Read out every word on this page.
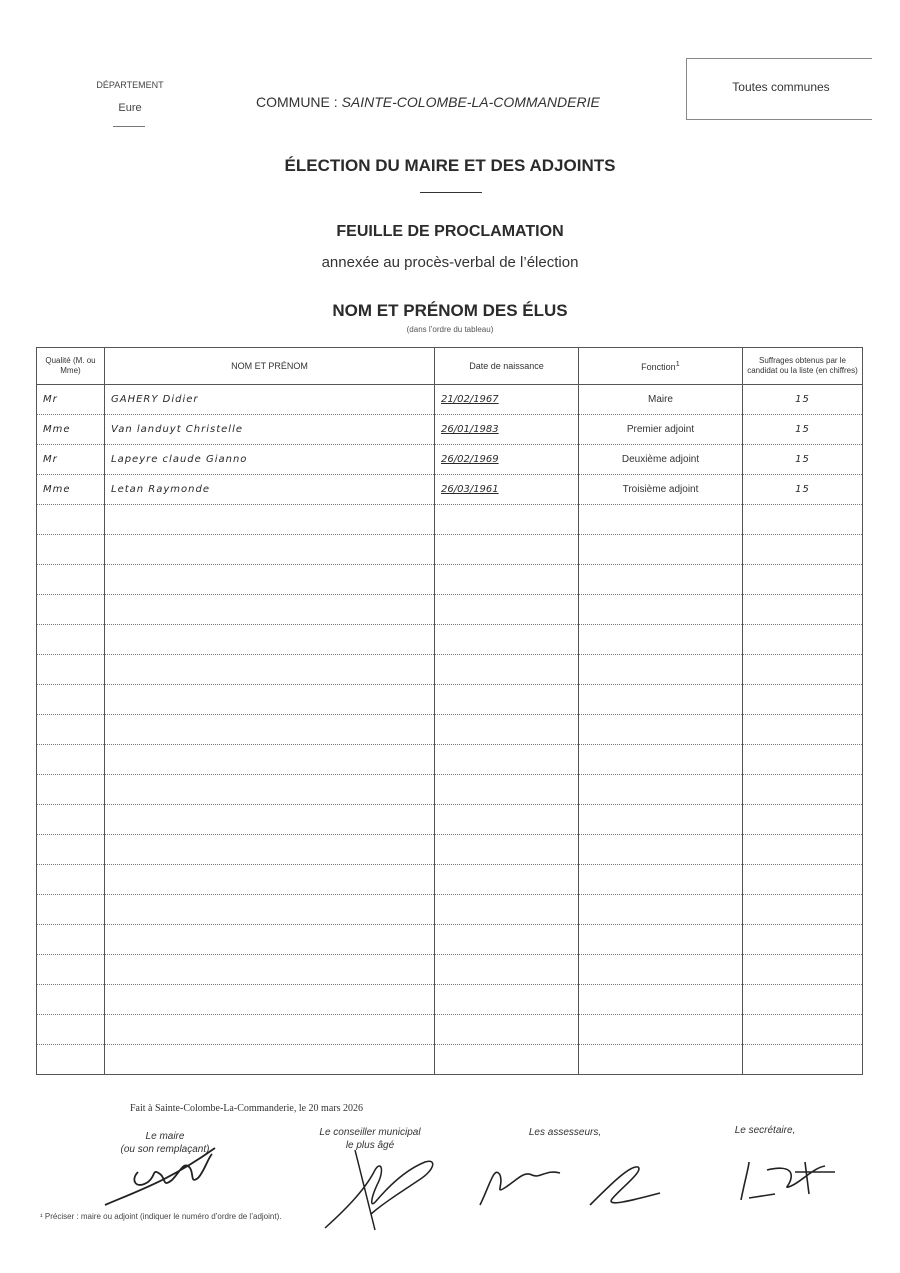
DÉPARTEMENT
Eure	COMMUNE : SAINTE-COLOMBE-LA-COMMANDERIE
Toutes communes
ÉLECTION DU MAIRE ET DES ADJOINTS
FEUILLE DE PROCLAMATION
annexée au procès-verbal de l’élection
NOM ET PRÉNOM DES ÉLUS
(dans l’ordre du tableau)
Qualité (M. ou Mme)	NOM ET PRÉNOM	Date de naissance	Fonction$^1$	Suffrages obtenus par le candidat ou la liste (en chiffres)
Mr	GAHERY Didier	21/02/1967	Maire	15
Mme	Van landuyt Christelle	26/01/1983	Premier adjoint	15
Mr	Lapeyre claude Gianno	26/02/1969	Deuxième adjoint	15
Mme	Letan Raymonde	26/03/1961	Troisième adjoint	15

Fait à Sainte-Colombe-La-Commanderie, le 20 mars 2026
Le maire
(ou son remplaçant)
Le conseiller municipal
le plus âgé
Les assesseurs,	Le secrétaire,
¹ Préciser : maire ou adjoint (indiquer le numéro d’ordre de l’adjoint).
